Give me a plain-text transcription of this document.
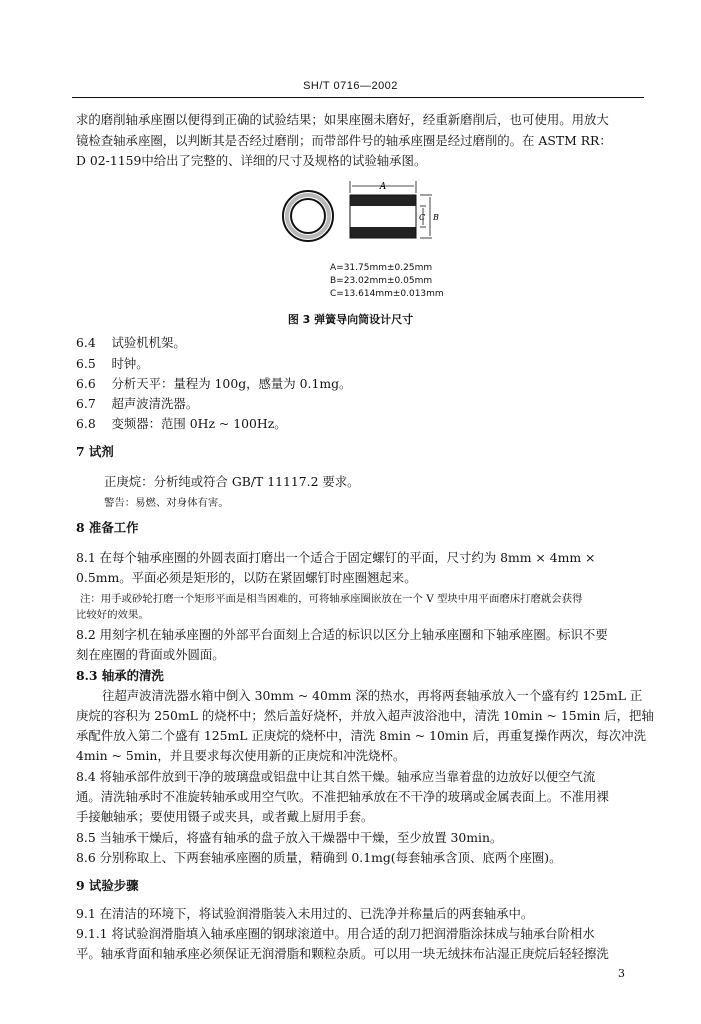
SH/T 0716—2002
求的磨削轴承座圈以便得到正确的试验结果；如果座圈未磨好，经重新磨削后，也可使用。用放大
镜检查轴承座圈，以判断其是否经过磨削；而带部件号的轴承座圈是经过磨削的。在 ASTM RR：
D 02-1159中给出了完整的、详细的尺寸及规格的试验轴承图。
A
C B
A=31.75mm±0.25mm
B=23.02mm±0.05mm
C=13.614mm±0.013mm
图 3 弹簧导向筒设计尺寸
6.4 试验机机架。
6.5 时钟。
6.6 分析天平：量程为 100g，感量为 0.1mg。
6.7 超声波清洗器。
6.8 变频器：范围 0Hz ~ 100Hz。
7 试剂
正庚烷：分析纯或符合 GB/T 11117.2 要求。
警告：易燃、对身体有害。
8 准备工作
8.1 在每个轴承座圈的外圆表面打磨出一个适合于固定螺钉的平面，尺寸约为 8mm × 4mm ×
0.5mm。平面必须是矩形的，以防在紧固螺钉时座圈翘起来。
注：用手或砂轮打磨一个矩形平面是相当困难的，可将轴承座圈嵌放在一个 V 型块中用平面磨床打磨就会获得
比较好的效果。
8.2 用刻字机在轴承座圈的外部平台面刻上合适的标识以区分上轴承座圈和下轴承座圈。标识不要
刻在座圈的背面或外圆面。
8.3 轴承的清洗
往超声波清洗器水箱中倒入 30mm ~ 40mm 深的热水，再将两套轴承放入一个盛有约 125mL 正
庚烷的容积为 250mL 的烧杯中；然后盖好烧杯，并放入超声波浴池中，清洗 10min ~ 15min 后，把轴
承配件放入第二个盛有 125mL 正庚烷的烧杯中，清洗 8min ~ 10min 后，再重复操作两次，每次冲洗
4min ~ 5min，并且要求每次使用新的正庚烷和冲洗烧杯。
8.4 将轴承部件放到干净的玻璃盘或铝盘中让其自然干燥。轴承应当靠着盘的边放好以便空气流
通。清洗轴承时不准旋转轴承或用空气吹。不准把轴承放在不干净的玻璃或金属表面上。不准用裸
手接触轴承；要使用镊子或夹具，或者戴上厨用手套。
8.5 当轴承干燥后，将盛有轴承的盘子放入干燥器中干燥，至少放置 30min。
8.6 分别称取上、下两套轴承座圈的质量，精确到 0.1mg(每套轴承含顶、底两个座圈)。
9 试验步骤
9.1 在清洁的环境下，将试验润滑脂装入未用过的、已洗净并称量后的两套轴承中。
9.1.1 将试验润滑脂填入轴承座圈的钢球滚道中。用合适的刮刀把润滑脂涂抹成与轴承台阶相水
平。轴承背面和轴承座必须保证无润滑脂和颗粒杂质。可以用一块无绒抹布沾湿正庚烷后轻轻擦洗
3
